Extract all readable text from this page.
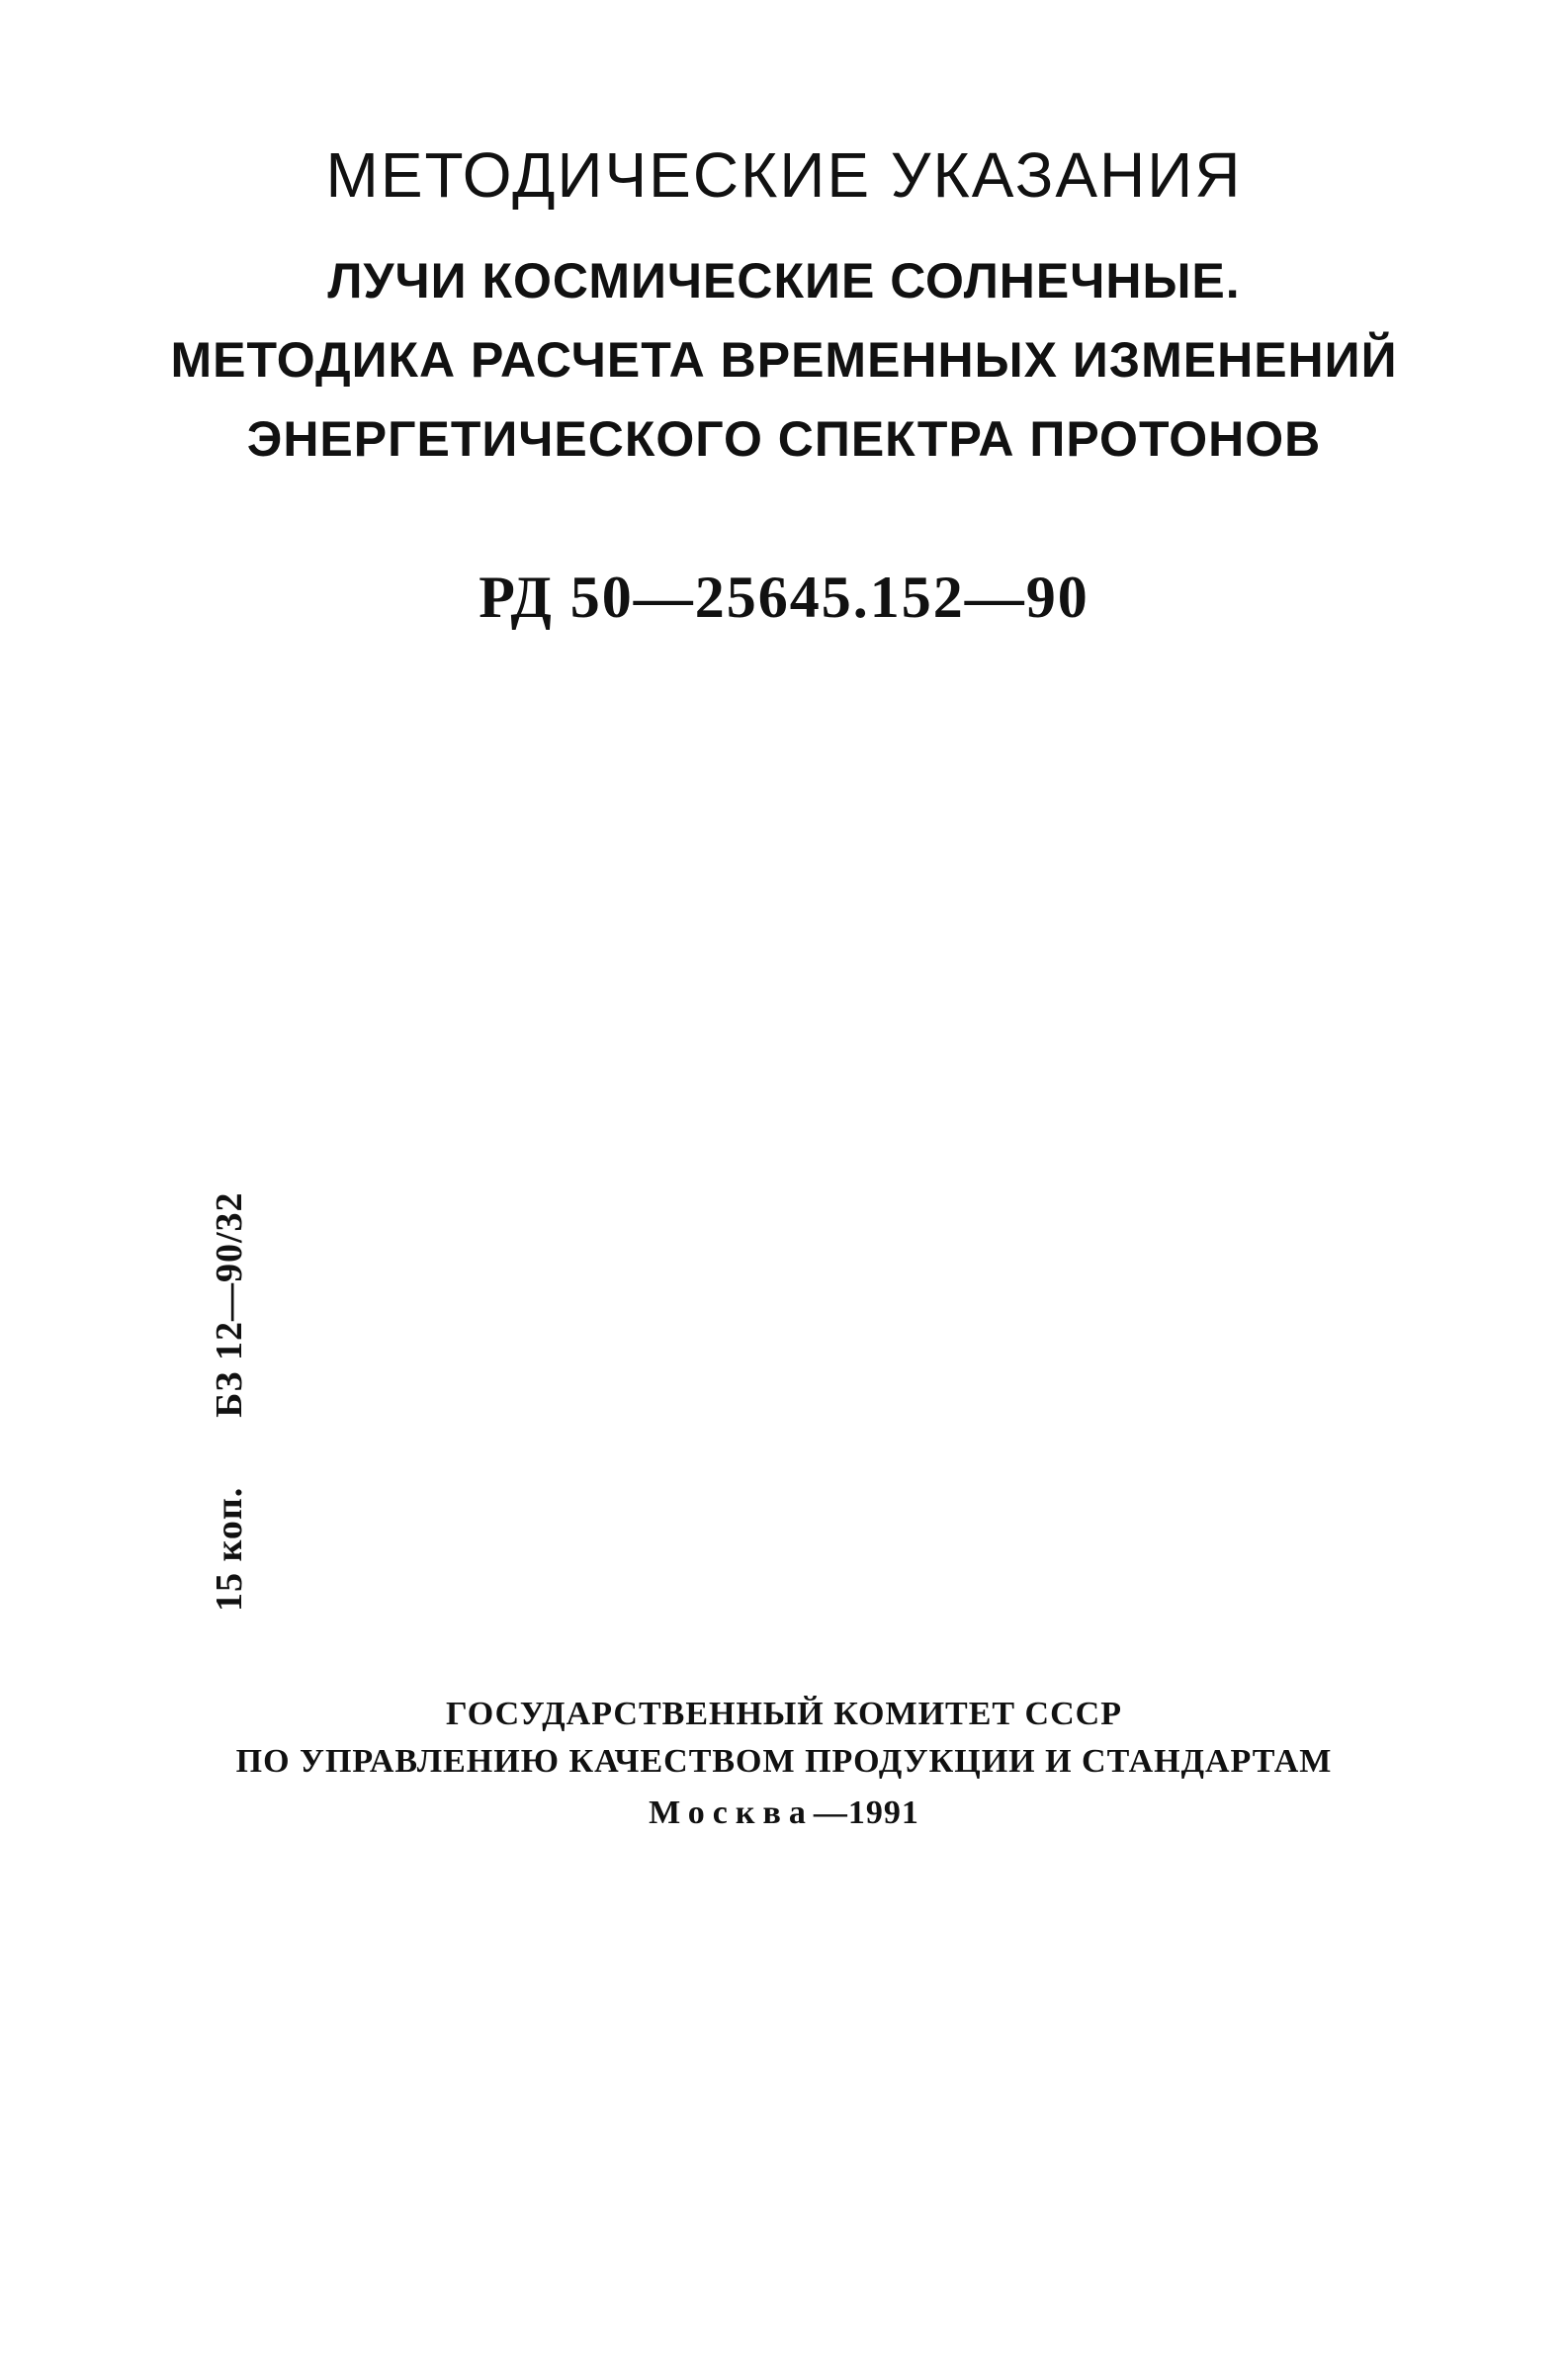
МЕТОДИЧЕСКИЕ УКАЗАНИЯ
ЛУЧИ КОСМИЧЕСКИЕ СОЛНЕЧНЫЕ.
МЕТОДИКА РАСЧЕТА ВРЕМЕННЫХ ИЗМЕНЕНИЙ
ЭНЕРГЕТИЧЕСКОГО СПЕКТРА ПРОТОНОВ
РД 50—25645.152—90
15 коп.БЗ 12—90/32
ГОСУДАРСТВЕННЫЙ КОМИТЕТ СССР
ПО УПРАВЛЕНИЮ КАЧЕСТВОМ ПРОДУКЦИИ И СТАНДАРТАМ
Москва—1991
